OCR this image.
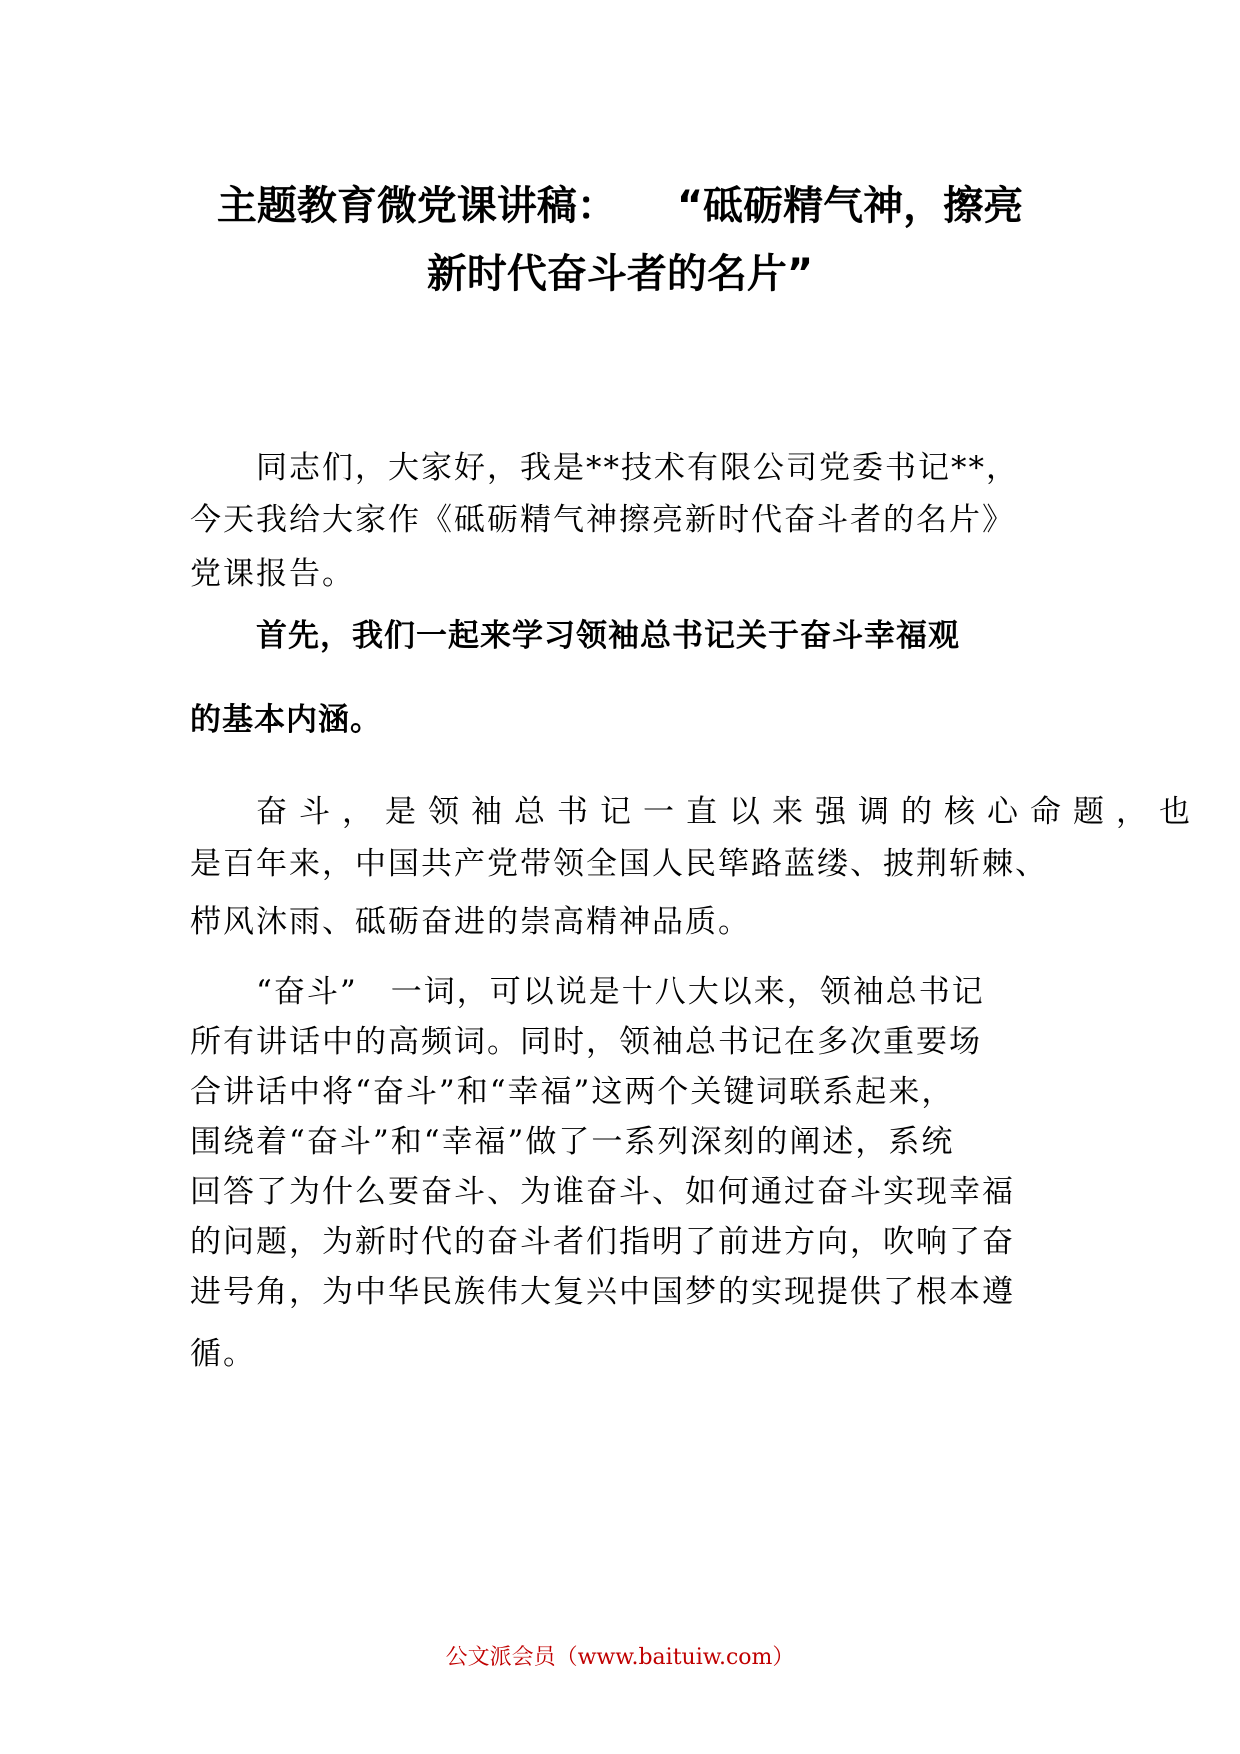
主题教育微党课讲稿：　　“砥砺精气神，擦亮
新时代奋斗者的名片”
同志们，大家好，我是**技术有限公司党委书记**，
今天我给大家作《砥砺精气神擦亮新时代奋斗者的名片》
党课报告。
首先，我们一起来学习领袖总书记关于奋斗幸福观
的基本内涵。
奋斗，是领袖总书记一直以来强调的核心命题，也
是百年来，中国共产党带领全国人民筚路蓝缕、披荆斩棘、
栉风沐雨、砥砺奋进的崇高精神品质。
“奋斗”　一词，可以说是十八大以来，领袖总书记
所有讲话中的高频词。同时，领袖总书记在多次重要场
合讲话中将“奋斗”和“幸福”这两个关键词联系起来，
围绕着“奋斗”和“幸福”做了一系列深刻的阐述，系统
回答了为什么要奋斗、为谁奋斗、如何通过奋斗实现幸福
的问题，为新时代的奋斗者们指明了前进方向，吹响了奋
进号角，为中华民族伟大复兴中国梦的实现提供了根本遵
循。
公文派会员（www.baituiw.com）
